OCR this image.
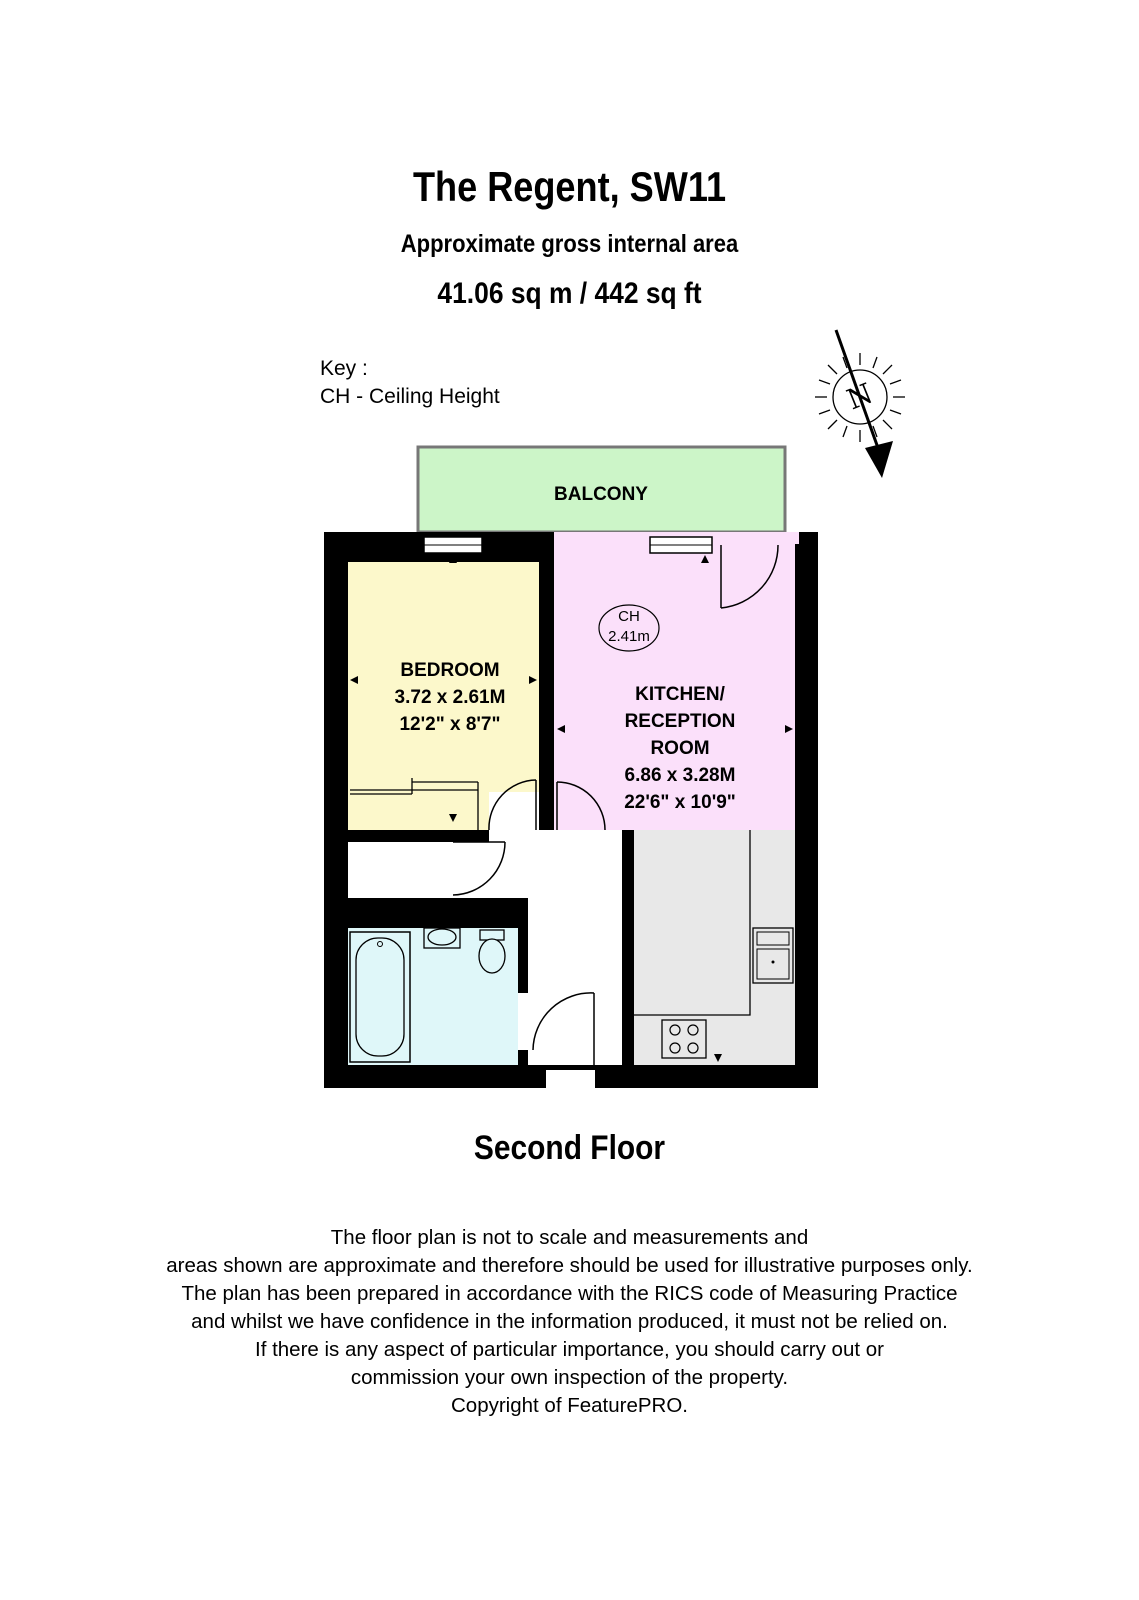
The Regent, SW11
Approximate gross internal area
41.06 sq m / 442 sq ft
Key :
CH - Ceiling Height	N
BALCONY
BEDROOM
3.72 x 2.61M
12'2" x 8'7"
KITCHEN/
RECEPTION
ROOM
6.86 x 3.28M
22'6" x 10'9"
CH
2.41m
Second Floor
The floor plan is not to scale and measurements and
areas shown are approximate and therefore should be used for illustrative purposes only.
The plan has been prepared in accordance with the RICS code of Measuring Practice
and whilst we have confidence in the information produced, it must not be relied on.
If there is any aspect of particular importance, you should carry out or
commission your own inspection of the property.
Copyright of FeaturePRO.
